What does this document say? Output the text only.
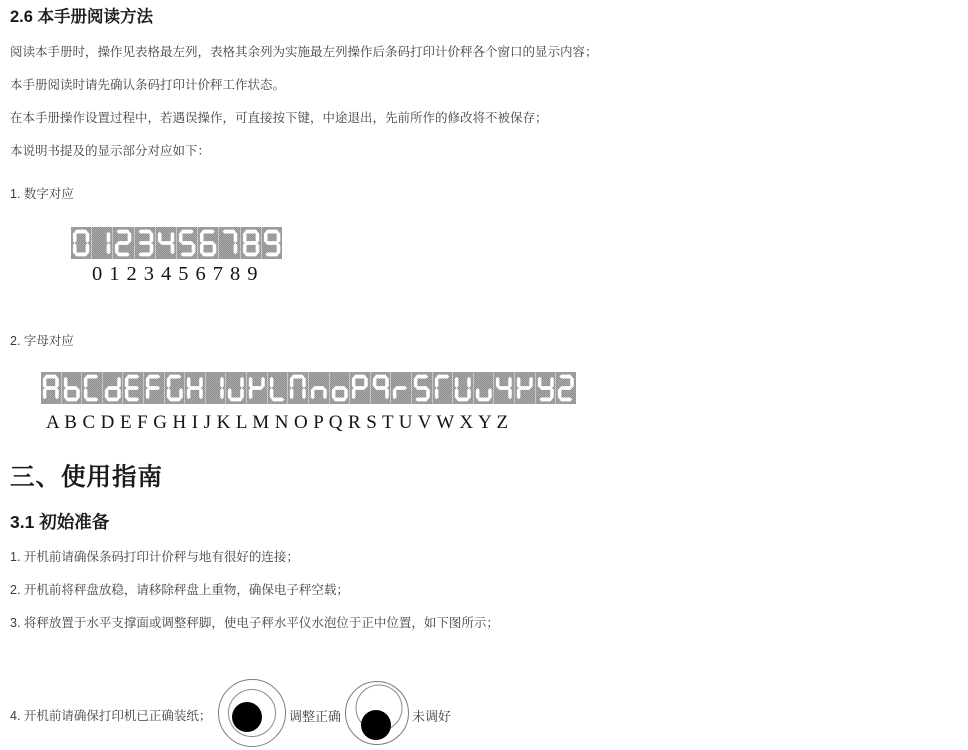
2.6 本手册阅读方法
阅读本手册时，操作见表格最左列，表格其余列为实施最左列操作后条码打印计价秤各个窗口的显示内容；
本手册阅读时请先确认条码打印计价秤工作状态。
在本手册操作设置过程中，若遇误操作，可直接按下键，中途退出，先前所作的修改将不被保存；
本说明书提及的显示部分对应如下：
1. 数字对应
0123456789
2. 字母对应
A B C D E F G H I J K L M N O P Q R S T U V W X Y Z
三、使用指南
3.1 初始准备
1. 开机前请确保条码打印计价秤与地有很好的连接；
2. 开机前将秤盘放稳，请移除秤盘上重物，确保电子秤空载；
3. 将秤放置于水平支撑面或调整秤脚，使电子秤水平仪水泡位于正中位置，如下图所示；
4. 开机前请确保打印机已正确装纸；	调整正确	未调好
